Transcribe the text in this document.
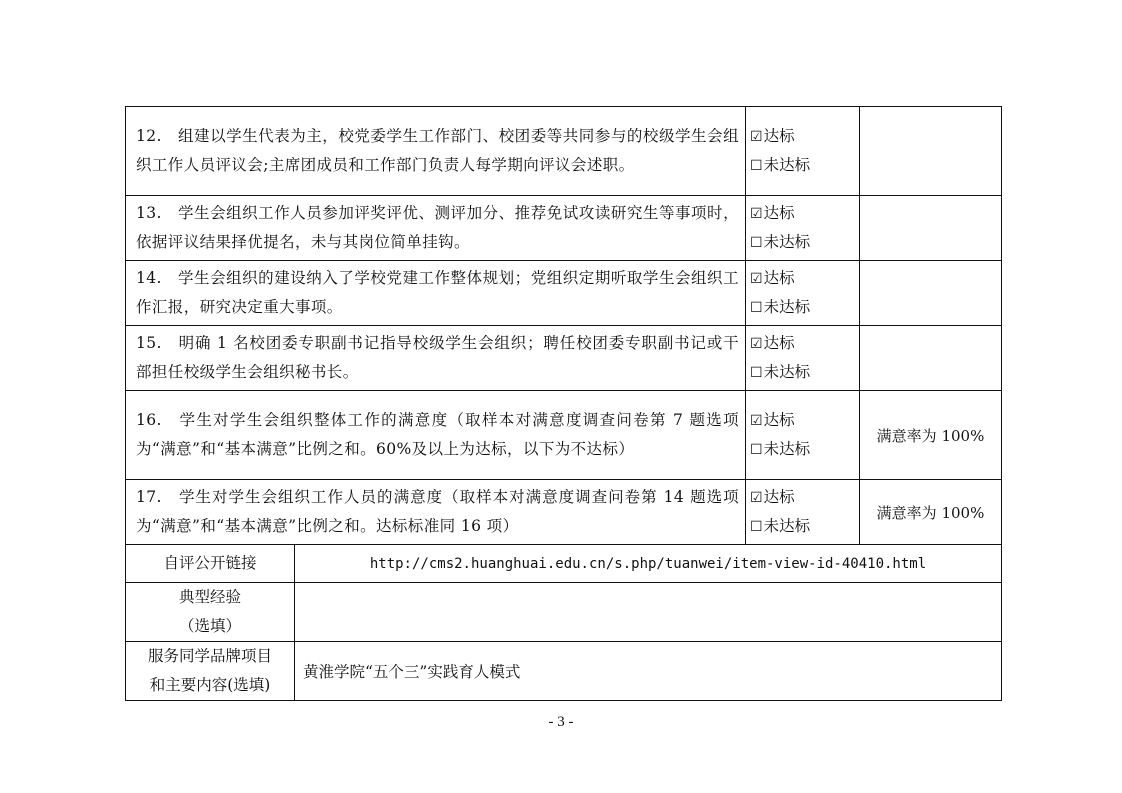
12.　组建以学生代表为主，校党委学生工作部门、校团委等共同参与的校级学生会组织工作人员评议会;主席团成员和工作部门负责人每学期向评议会述职。		☑达标
☐未达标	

13.　学生会组织工作人员参加评奖评优、测评加分、推荐免试攻读研究生等事项时，依据评议结果择优提名，未与其岗位简单挂钩。		☑达标
☐未达标	

14.　学生会组织的建设纳入了学校党建工作整体规划；党组织定期听取学生会组织工作汇报，研究决定重大事项。		☑达标
☐未达标	

15.　明确 1 名校团委专职副书记指导校级学生会组织；聘任校团委专职副书记或干部担任校级学生会组织秘书长。		☑达标
☐未达标	

16.　学生对学生会组织整体工作的满意度（取样本对满意度调查问卷第 7 题选项为“满意”和“基本满意”比例之和。60%及以上为达标，以下为不达标）		☑达标
☐未达标	满意率为 100%
17.　学生对学生会组织工作人员的满意度（取样本对满意度调查问卷第 14 题选项为“满意”和“基本满意”比例之和。达标标准同 16 项）		☑达标
☐未达标	满意率为 100%
自评公开链接	http://cms2.huanghuai.edu.cn/s.php/tuanwei/item-view-id-40410.html		

典型经验
（选填）			

服务同学品牌项目
和主要内容(选填)	黄淮学院“五个三”实践育人模式		
- 3 -
